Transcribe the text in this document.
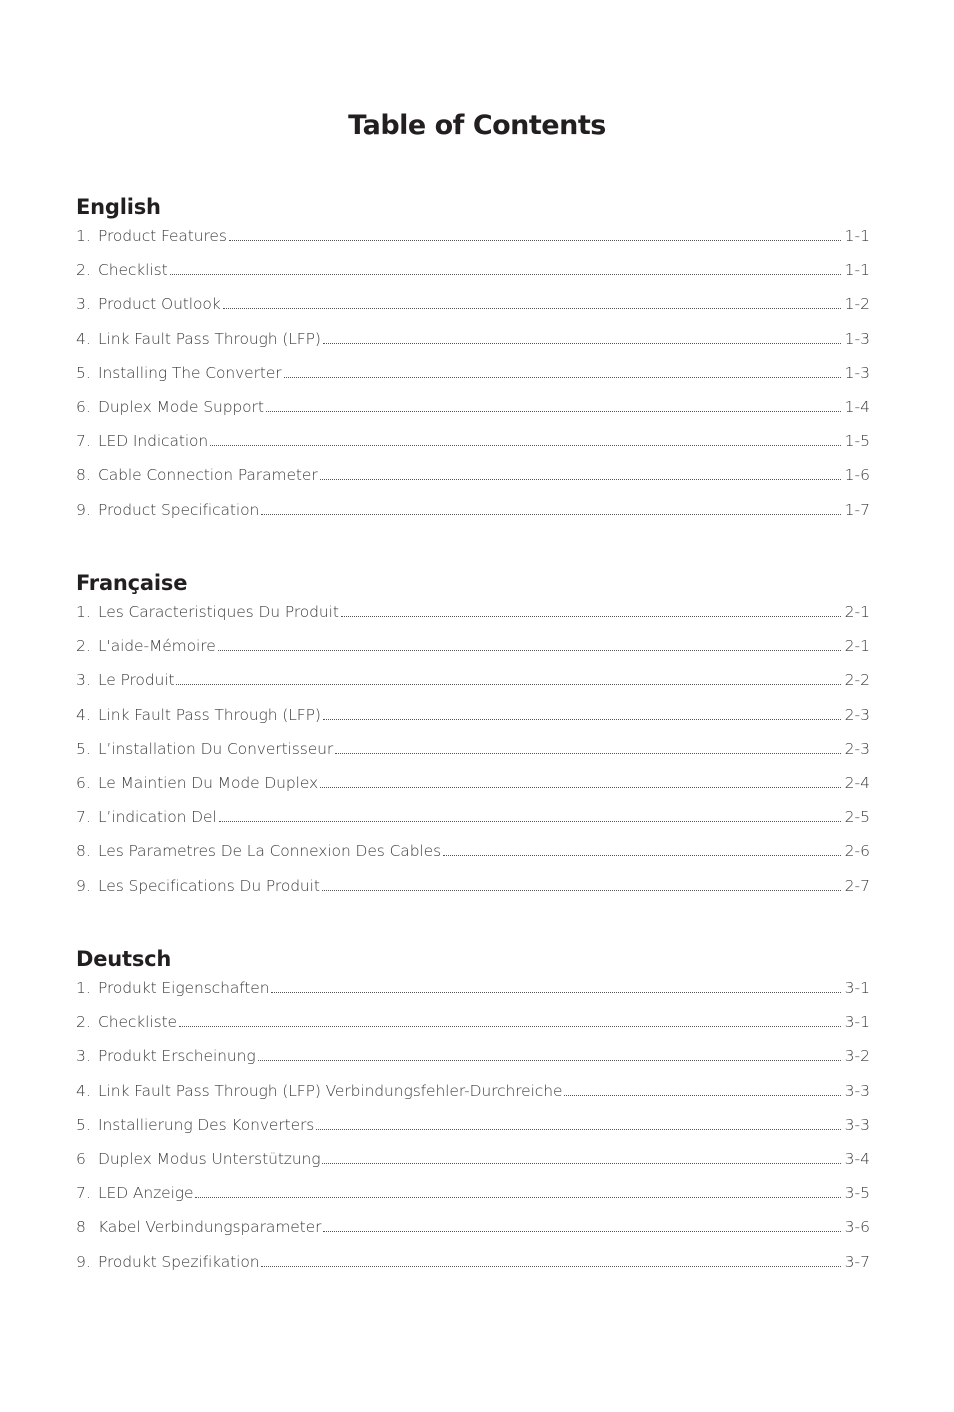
Table of Contents
English
1. Product Features	1-1
2. Checklist	1-1
3. Product Outlook	1-2
4. Link Fault Pass Through (LFP)	1-3
5. Installing The Converter	1-3
6. Duplex Mode Support	1-4
7. LED Indication	1-5
8. Cable Connection Parameter	1-6
9. Product Specification	1-7
Française
1. Les Caracteristiques Du Produit	2-1
2. L'aide-Mémoire	2-1
3. Le Produit	2-2
4. Link Fault Pass Through (LFP)	2-3
5. L’installation Du Convertisseur	2-3
6. Le Maintien Du Mode Duplex	2-4
7. L’indication Del	2-5
8. Les Parametres De La Connexion Des Cables	2-6
9. Les Specifications Du Produit	2-7
Deutsch
1. Produkt Eigenschaften	3-1
2. Checkliste	3-1
3. Produkt Erscheinung	3-2
4. Link Fault Pass Through (LFP) Verbindungsfehler-Durchreiche	3-3
5. Installierung Des Konverters	3-3
6 Duplex Modus Unterstützung	3-4
7. LED Anzeige	3-5
8 Kabel Verbindungsparameter	3-6
9. Produkt Spezifikation	3-7
